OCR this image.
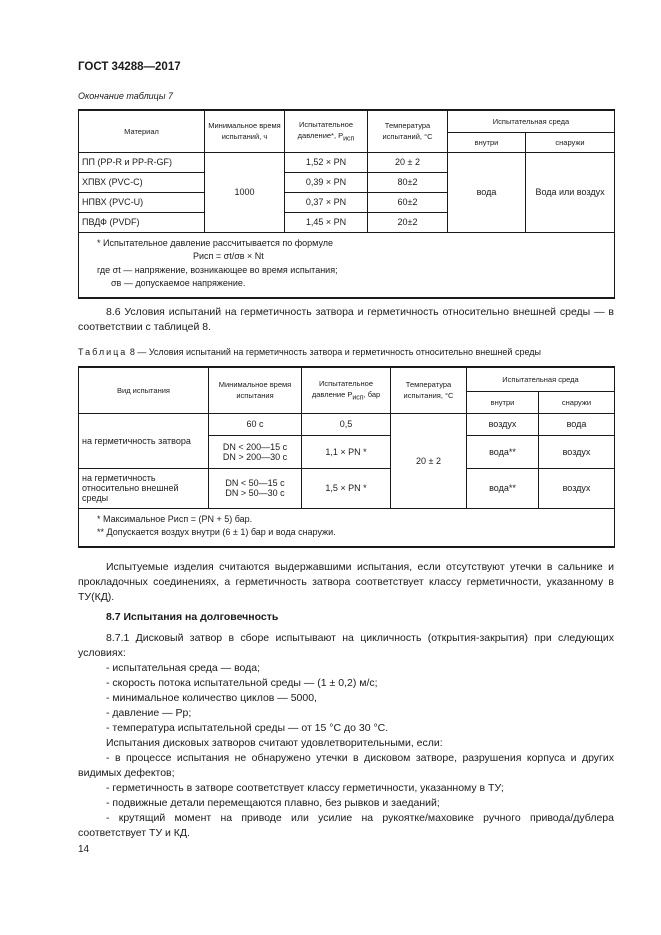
ГОСТ 34288—2017
Окончание таблицы 7
Материал	Минимальное время испытаний, ч	Испытательное давление*, $P_{исп}$	Температура испытаний, °С	Испытательная среда	
				внутри	снаружи
ПП (PP-R и PP-R-GF)	1000	1,52 × PN	20 ± 2	вода	Вода или воздух
ХПВХ (PVC-C)		0,39 × PN	80±2		
НПВХ (PVC-U)		0,37 × PN	60±2		
ПВДФ (PVDF)		1,45 × PN	20±2		

* Испытательное давление рассчитывается по формуле
Pисп = σt/σв × Nt
где σt — напряжение, возникающее во время испытания;
σв — допускаемое напряжение.					
8.6 Условия испытаний на герметичность затвора и герметичность относительно внешней среды — в соответствии с таблицей 8.
Таблица 8 — Условия испытаний на герметичность затвора и герметичность относительно внешней среды
Вид испытания	Минимальное время испытания	Испытательное давление $P_{исп}$, бар	Температура испытания, °С	Испытательная среда	
				внутри	снаружи
на герметичность затвора	60 с	0,5	20 ± 2	воздух	вода

	DN < 200—15 с
DN > 200—30 с	1,1 × PN *		вода**	воздух
на герметичность относительно внешней среды	DN < 50—15 с
DN > 50—30 с	1,5 × PN *		вода**	воздух

* Максимальное Pисп = (PN + 5) бар.
** Допускается воздух внутри (6 ± 1) бар и вода снаружи.					
Испытуемые изделия считаются выдержавшими испытания, если отсутствуют утечки в сальнике и прокладочных соединениях, а герметичность затвора соответствует классу герметичности, указанному в ТУ(КД).
8.7 Испытания на долговечность
8.7.1 Дисковый затвор в сборе испытывают на цикличность (открытия-закрытия) при следующих условиях:
- испытательная среда — вода;
- скорость потока испытательной среды — (1 ± 0,2) м/с;
- минимальное количество циклов — 5000,
- давление — Pр;
- температура испытательной среды — от 15 °С до 30 °С.
Испытания дисковых затворов считают удовлетворительными, если:
- в процессе испытания не обнаружено утечки в дисковом затворе, разрушения корпуса и других видимых дефектов;
- герметичность в затворе соответствует классу герметичности, указанному в ТУ;
- подвижные детали перемещаются плавно, без рывков и заеданий;
- крутящий момент на приводе или усилие на рукоятке/маховике ручного привода/дублера соответствует ТУ и КД.
14
